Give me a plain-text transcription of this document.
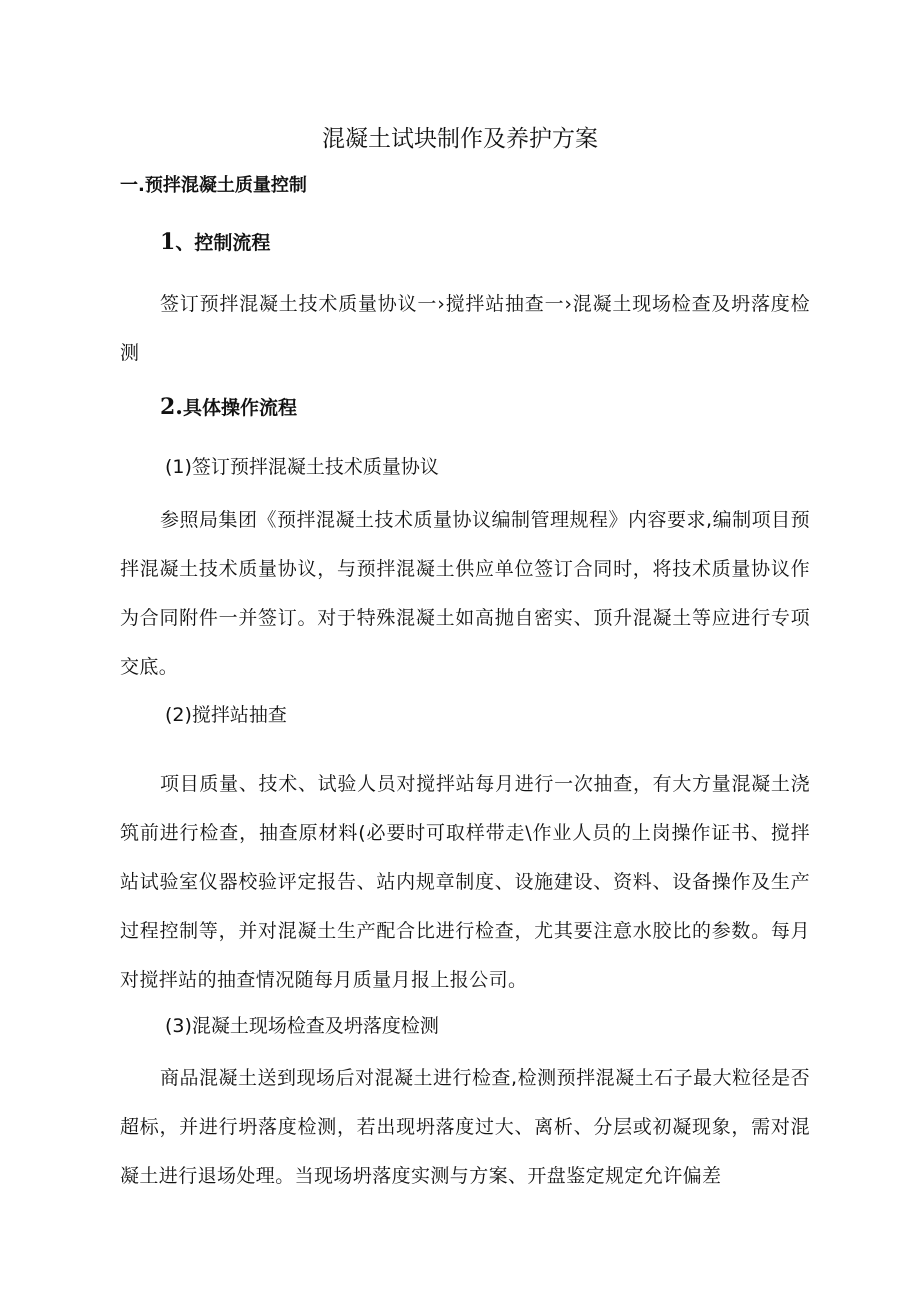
混凝土试块制作及养护方案

一.预拌混凝土质量控制

1、控制流程

签订预拌混凝土技术质量协议一›搅拌站抽查一›混凝土现场检查及坍落度检测

2.具体操作流程

(1)签订预拌混凝土技术质量协议

参照局集团《预拌混凝土技术质量协议编制管理规程》内容要求,编制项目预拌混凝土技术质量协议，与预拌混凝土供应单位签订合同时，将技术质量协议作为合同附件一并签订。对于特殊混凝土如高抛自密实、顶升混凝土等应进行专项交底。

(2)搅拌站抽查

项目质量、技术、试验人员对搅拌站每月进行一次抽查，有大方量混凝土浇筑前进行检查，抽查原材料(必要时可取样带走\作业人员的上岗操作证书、搅拌站试验室仪器校验评定报告、站内规章制度、设施建设、资料、设备操作及生产过程控制等，并对混凝土生产配合比进行检查，尤其要注意水胶比的参数。每月对搅拌站的抽查情况随每月质量月报上报公司。

(3)混凝土现场检查及坍落度检测

商品混凝土送到现场后对混凝土进行检查,检测预拌混凝土石子最大粒径是否超标，并进行坍落度检测，若出现坍落度过大、离析、分层或初凝现象，需对混凝土进行退场处理。当现场坍落度实测与方案、开盘鉴定规定允许偏差
